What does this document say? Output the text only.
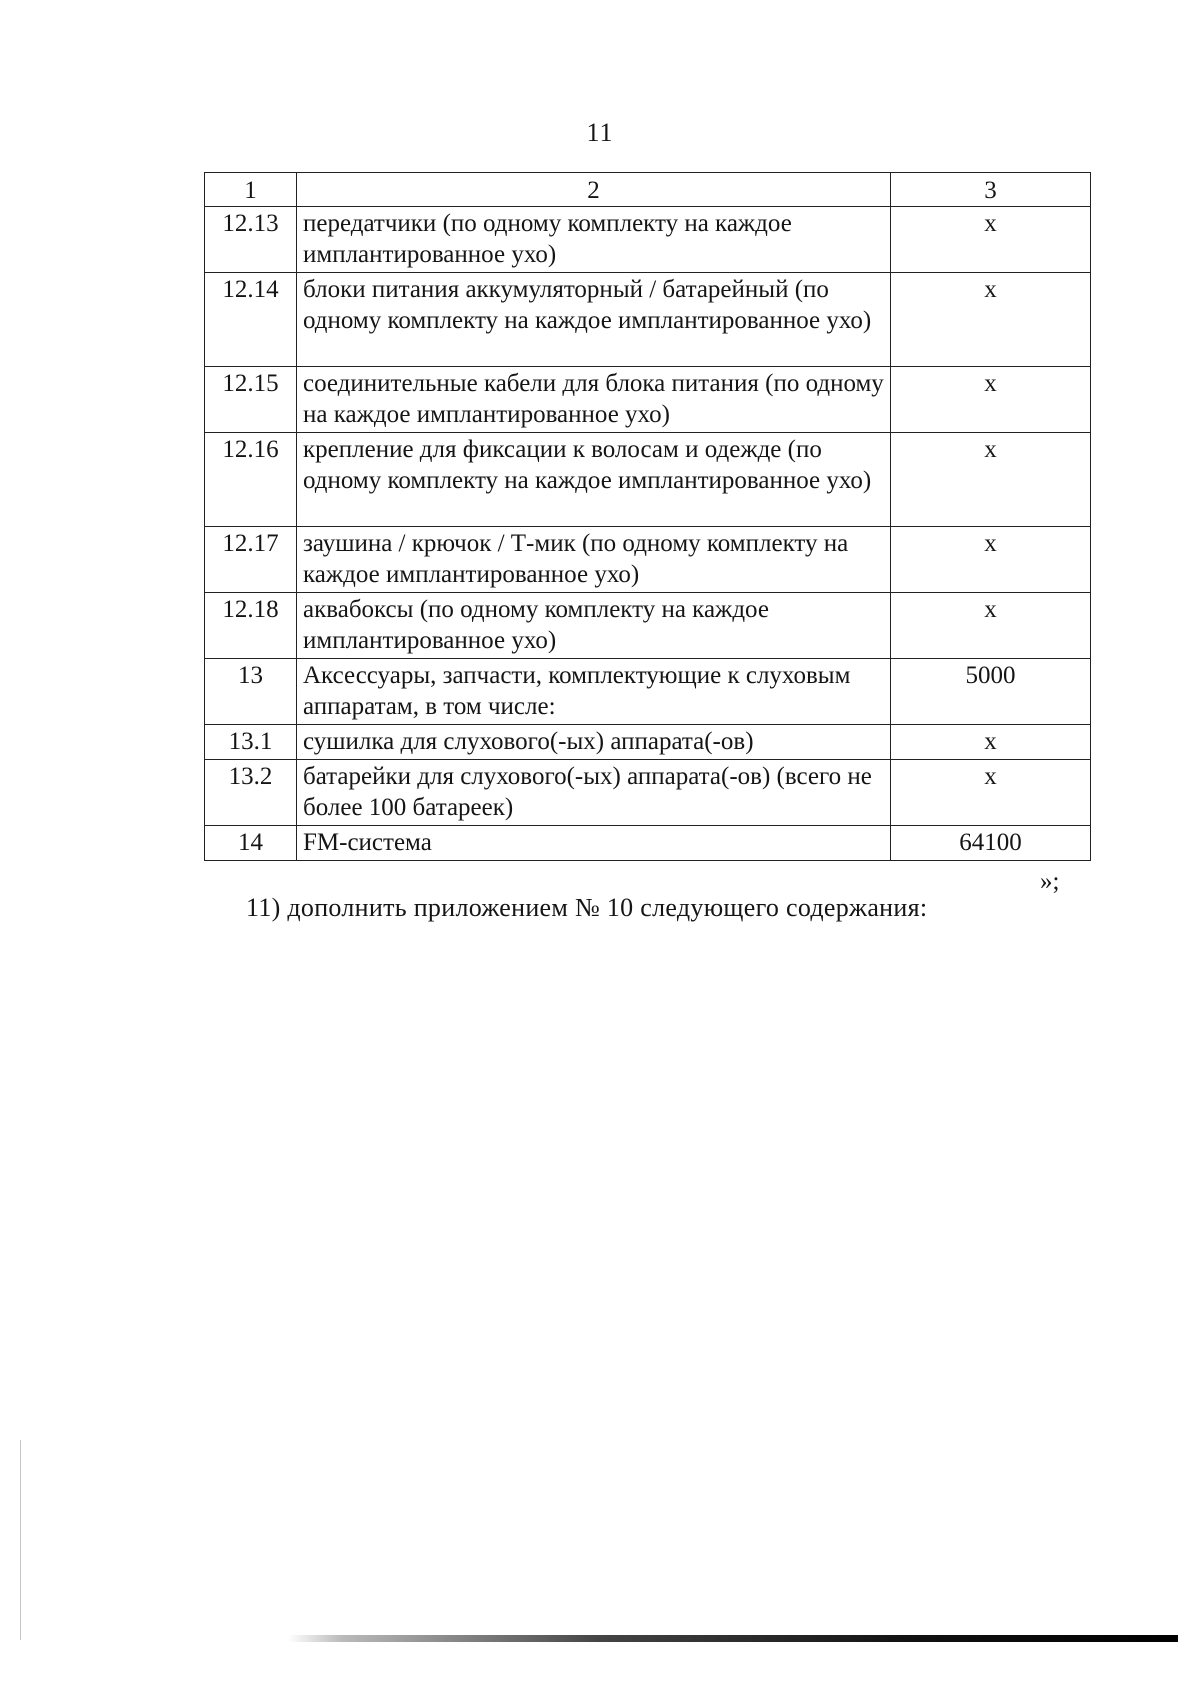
11
1	2	3
12.13	передатчики (по одному комплекту на каждое имплантированное ухо)	х
12.14	блоки питания аккумуляторный / батарейный (по одному комплекту на каждое имплантированное ухо)	х
12.15	соединительные кабели для блока питания (по одному на каждое имплантированное ухо)	х
12.16	крепление для фиксации к волосам и одежде (по одному комплекту на каждое имплантированное ухо)	х
12.17	заушина / крючок / Т-мик (по одному комплекту на каждое имплантированное ухо)	х
12.18	аквабоксы (по одному комплекту на каждое имплантированное ухо)	х
13	Аксессуары, запчасти, комплектующие к слуховым аппаратам, в том числе:	5000
13.1	сушилка для слухового(-ых) аппарата(-ов)	х
13.2	батарейки для слухового(-ых) аппарата(-ов) (всего не более 100 батареек)	х
14	FM-система	64100
»;
11) дополнить приложением № 10 следующего содержания:
